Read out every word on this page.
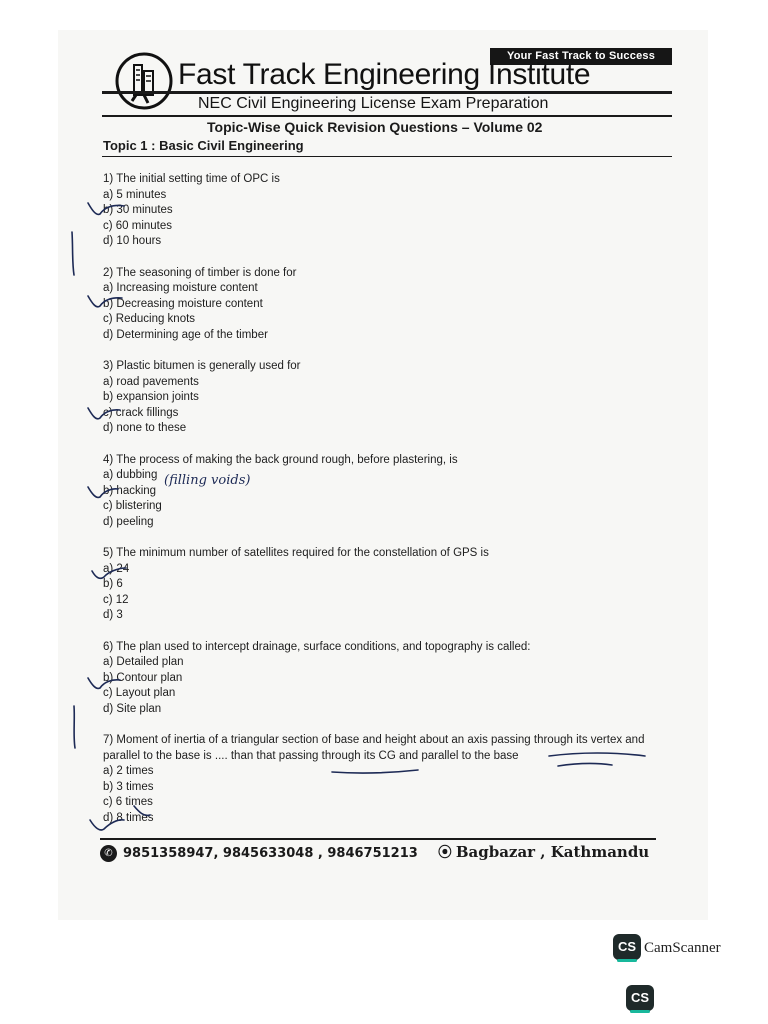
Your Fast Track to Success
Fast Track Engineering Institute
NEC Civil Engineering License Exam Preparation
Topic-Wise Quick Revision Questions – Volume 02
Topic 1 : Basic Civil Engineering

1) The initial setting time of OPC is

a) 5 minutes

b) 30 minutes

c) 60 minutes

d) 10 hours

2) The seasoning of timber is done for

a) Increasing moisture content

b) Decreasing moisture content

c) Reducing knots

d) Determining age of the timber

3) Plastic bitumen is generally used for

a) road pavements

b) expansion joints

c) crack fillings

d) none to these

4) The process of making the back ground rough, before plastering, is

a) dubbing

b) hacking

c) blistering

d) peeling

5) The minimum number of satellites required for the constellation of GPS is

a) 24

b) 6

c) 12

d) 3

6) The plan used to intercept drainage, surface conditions, and topography is called:

a) Detailed plan

b) Contour plan

c) Layout plan

d) Site plan

7) Moment of inertia of a triangular section of base and height about an axis passing through its vertex and parallel to the base is .... than that passing through its CG and parallel to the base

a) 2 times

b) 3 times

c) 6 times

d) 8 times

✆ 9851358947, 9845633048 , 9846751213 ⦿ Bagbazar , Kathmandu
(filling voids)
CS CamScanner
CS
